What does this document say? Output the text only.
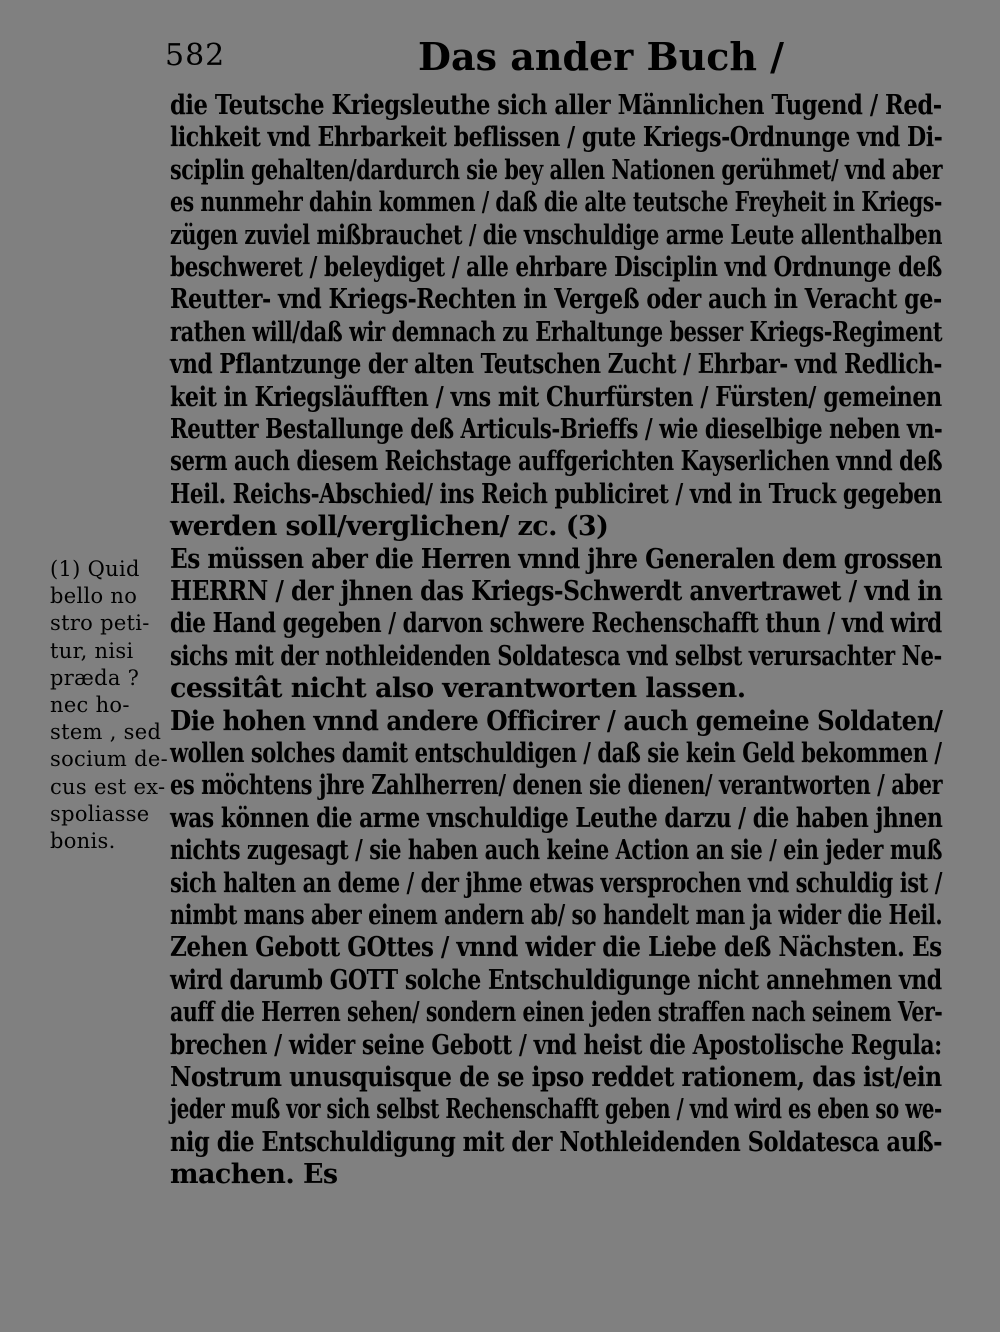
582	Das ander Buch /
die Teutsche Kriegsleuthe sich aller Männlichen Tugend / Red-
lichkeit vnd Ehrbarkeit beflissen / gute Kriegs-Ordnunge vnd Di-
sciplin gehalten/dardurch sie bey allen Nationen gerühmet/ vnd aber
es nunmehr dahin kommen / daß die alte teutsche Freyheit in Kriegs-
zügen zuviel mißbrauchet / die vnschuldige arme Leute allenthalben
beschweret / beleydiget / alle ehrbare Disciplin vnd Ordnunge deß
Reutter- vnd Kriegs-Rechten in Vergeß oder auch in Veracht ge-
rathen will/daß wir demnach zu Erhaltunge besser Kriegs-Regiment
vnd Pflantzunge der alten Teutschen Zucht / Ehrbar- vnd Redlich-
keit in Kriegsläufften / vns mit Churfürsten / Fürsten/ gemeinen
Reutter Bestallunge deß Articuls-Brieffs / wie dieselbige neben vn-
serm auch diesem Reichstage auffgerichten Kayserlichen vnnd deß
Heil. Reichs-Abschied/ ins Reich publiciret / vnd in Truck gegeben
werden soll/verglichen/ zc. (3)
Es müssen aber die Herren vnnd jhre Generalen dem grossen
HERRN / der jhnen das Kriegs-Schwerdt anvertrawet / vnd in
die Hand gegeben / darvon schwere Rechenschafft thun / vnd wird
sichs mit der nothleidenden Soldatesca vnd selbst verursachter Ne-
cessitât nicht also verantworten lassen.
Die hohen vnnd andere Officirer / auch gemeine Soldaten/
wollen solches damit entschuldigen / daß sie kein Geld bekommen /
es möchtens jhre Zahlherren/ denen sie dienen/ verantworten / aber
was können die arme vnschuldige Leuthe darzu / die haben jhnen
nichts zugesagt / sie haben auch keine Action an sie / ein jeder muß
sich halten an deme / der jhme etwas versprochen vnd schuldig ist /
nimbt mans aber einem andern ab/ so handelt man ja wider die Heil.
Zehen Gebott GOttes / vnnd wider die Liebe deß Nächsten. Es
wird darumb GOTT solche Entschuldigunge nicht annehmen vnd
auff die Herren sehen/ sondern einen jeden straffen nach seinem Ver-
brechen / wider seine Gebott / vnd heist die Apostolische Regula:
Nostrum unusquisque de se ipso reddet rationem, das ist/ein
jeder muß vor sich selbst Rechenschafft geben / vnd wird es eben so we-
nig die Entschuldigung mit der Nothleidenden Soldatesca auß-
machen. Es
(1) Quid
bello no
stro peti-
tur, nisi
præda ?
nec ho-
stem , sed
socium de-
cus est ex-
spoliasse
bonis.
